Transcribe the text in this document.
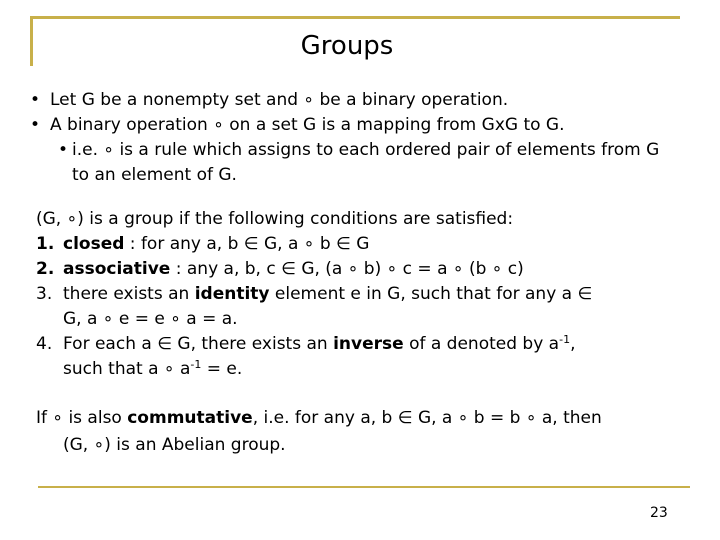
Groups
• Let G be a nonempty set and ∘ be a binary operation.
• A binary operation ∘ on a set G is a mapping from GxG to G.
• i.e. ∘ is a rule which assigns to each ordered pair of elements from G to an element of G.
(G, ∘) is a group if the following conditions are satisfied:
1. closed : for any a, b ∈ G, a ∘ b ∈ G
2. associative : any a, b, c ∈ G, (a ∘ b) ∘ c = a ∘ (b ∘ c)
3. there exists an identity element e in G, such that for any a ∈
G, a ∘ e = e ∘ a = a.
4. For each a ∈ G, there exists an inverse of a denoted by $a^{-1}$,
such that a ∘ $a^{-1} = e$.
If ∘ is also commutative, i.e. for any a, b ∈ G, a ∘ b = b ∘ a, then
(G, ∘) is an Abelian group.
23
